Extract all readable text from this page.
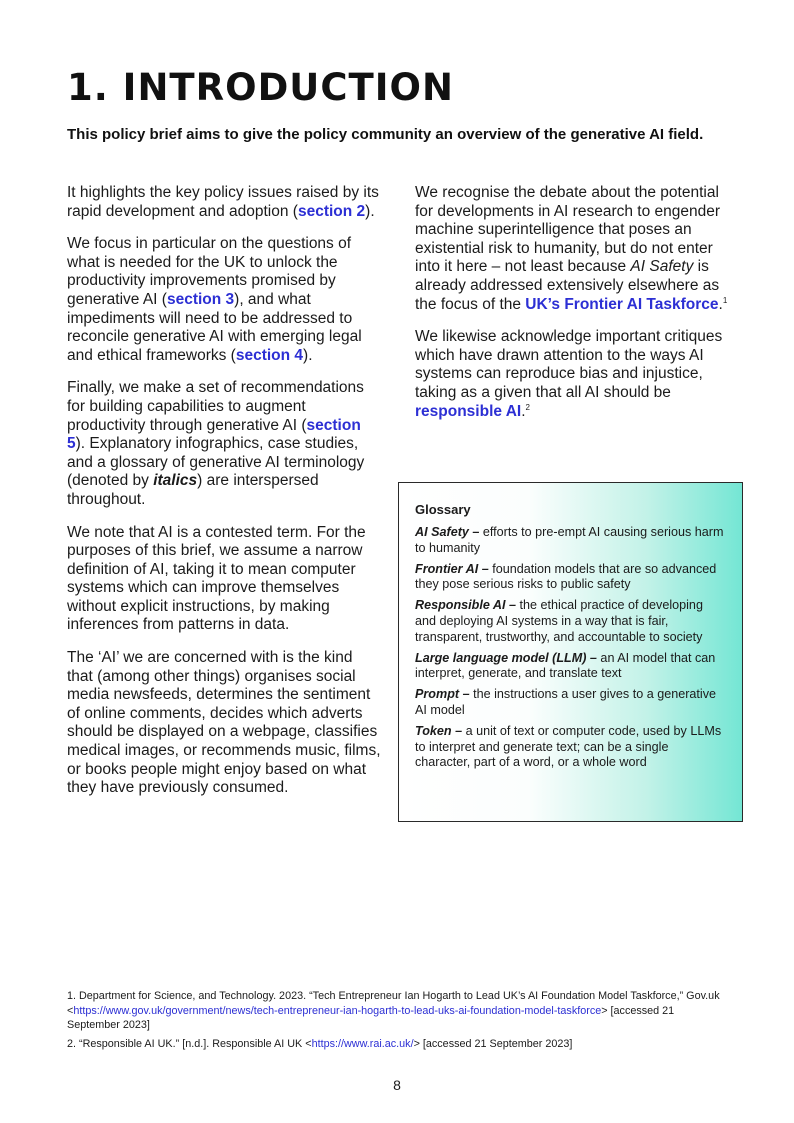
1. INTRODUCTION

This policy brief aims to give the policy community an overview of the generative AI field.

It highlights the key policy issues raised by its rapid development and adoption (section 2).

We focus in particular on the questions of what is needed for the UK to unlock the productivity improvements promised by generative AI (section 3), and what impediments will need to be addressed to reconcile generative AI with emerging legal and ethical frameworks (section 4).

Finally, we make a set of recommendations for building capabilities to augment productivity through generative AI (section 5). Explanatory infographics, case studies, and a glossary of generative AI terminology (denoted by italics) are interspersed throughout.

We note that AI is a contested term. For the purposes of this brief, we assume a narrow definition of AI, taking it to mean computer systems which can improve themselves without explicit instructions, by making inferences from patterns in data.

The ‘AI’ we are concerned with is the kind that (among other things) organises social media newsfeeds, determines the sentiment of online comments, decides which adverts should be displayed on a webpage, classifies medical images, or recommends music, films, or books people might enjoy based on what they have previously consumed.

We recognise the debate about the potential for developments in AI research to engender machine superintelligence that poses an existential risk to humanity, but do not enter into it here – not least because AI Safety is already addressed extensively elsewhere as the focus of the UK’s Frontier AI Taskforce.$^1$

We likewise acknowledge important critiques which have drawn attention to the ways AI systems can reproduce bias and injustice, taking as a given that all AI should be responsible AI.$^2$

Glossary

AI Safety – efforts to pre-empt AI causing serious harm to humanity

Frontier AI – foundation models that are so advanced they pose serious risks to public safety

Responsible AI – the ethical practice of developing and deploying AI systems in a way that is fair, transparent, trustworthy, and accountable to society

Large language model (LLM) – an AI model that can interpret, generate, and translate text

Prompt – the instructions a user gives to a generative AI model

Token – a unit of text or computer code, used by LLMs to interpret and generate text; can be a single character, part of a word, or a whole word

1. Department for Science, and Technology. 2023. “Tech Entrepreneur Ian Hogarth to Lead UK’s AI Foundation Model Taskforce,” Gov.uk <https://www.gov.uk/government/news/tech-entrepreneur-ian-hogarth-to-lead-uks-ai-foundation-model-taskforce> [accessed 21 September 2023]

2. “Responsible AI UK.” [n.d.]. Responsible AI UK <https://www.rai.ac.uk/> [accessed 21 September 2023]

8
